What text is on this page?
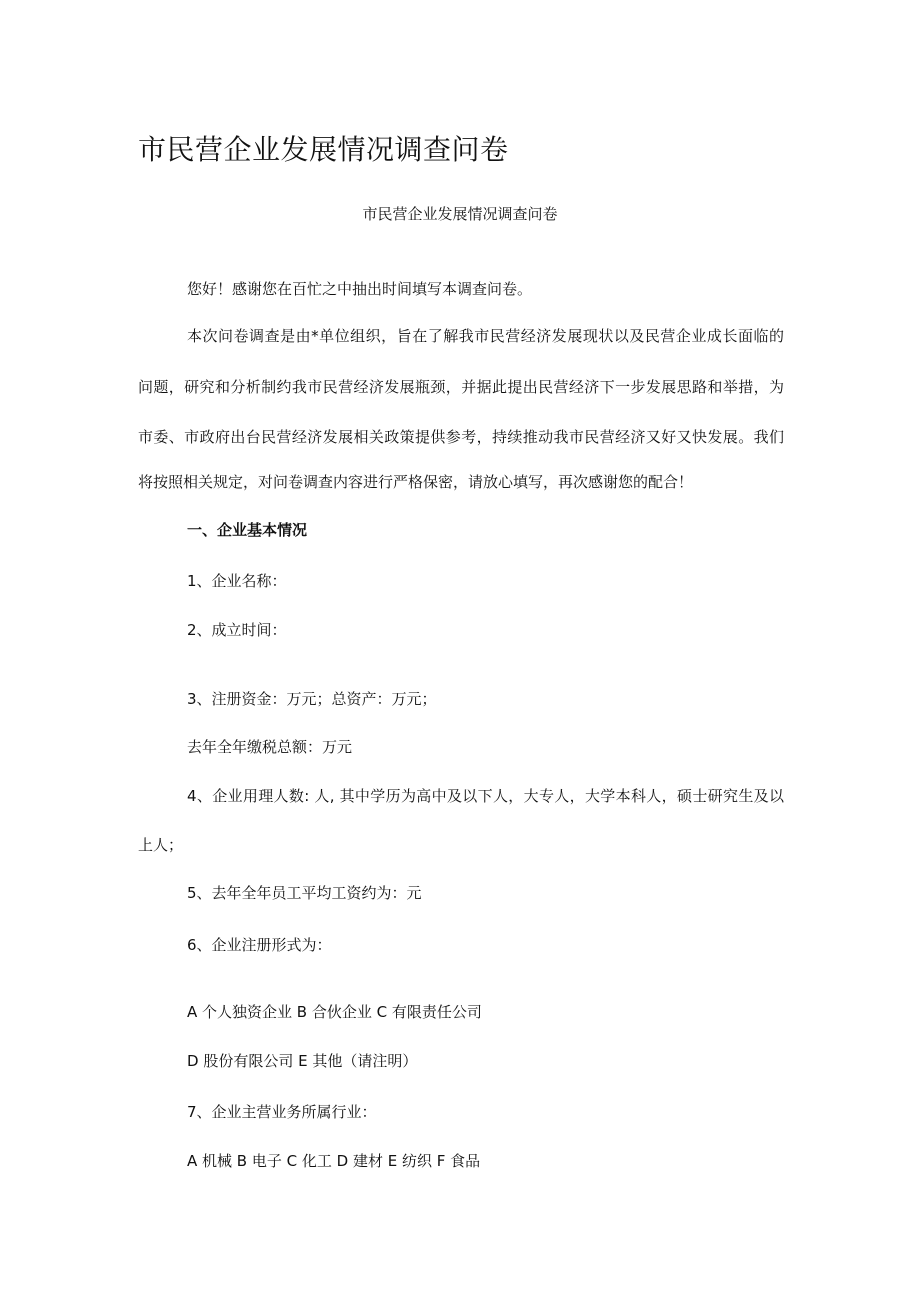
市民营企业发展情况调查问卷
市民营企业发展情况调查问卷
您好！感谢您在百忙之中抽出时间填写本调查问卷。
本次问卷调查是由*单位组织，旨在了解我市民营经济发展现状以及民营企业成长面临的
问题，研究和分析制约我市民营经济发展瓶颈，并据此提出民营经济下一步发展思路和举措，为
市委、市政府出台民营经济发展相关政策提供参考，持续推动我市民营经济又好又快发展。我们
将按照相关规定，对问卷调查内容进行严格保密，请放心填写，再次感谢您的配合！
一、企业基本情况
1、企业名称：
2、成立时间：
3、注册资金：万元；总资产：万元；
去年全年缴税总额：万元
4、企业用理人数: 人, 其中学历为高中及以下人，大专人，大学本科人，硕士研究生及以
上人；
5、去年全年员工平均工资约为：元
6、企业注册形式为：
A 个人独资企业 B 合伙企业 C 有限责任公司
D 股份有限公司 E 其他（请注明）
7、企业主营业务所属行业：
A 机械 B 电子 C 化工 D 建材 E 纺织 F 食品
